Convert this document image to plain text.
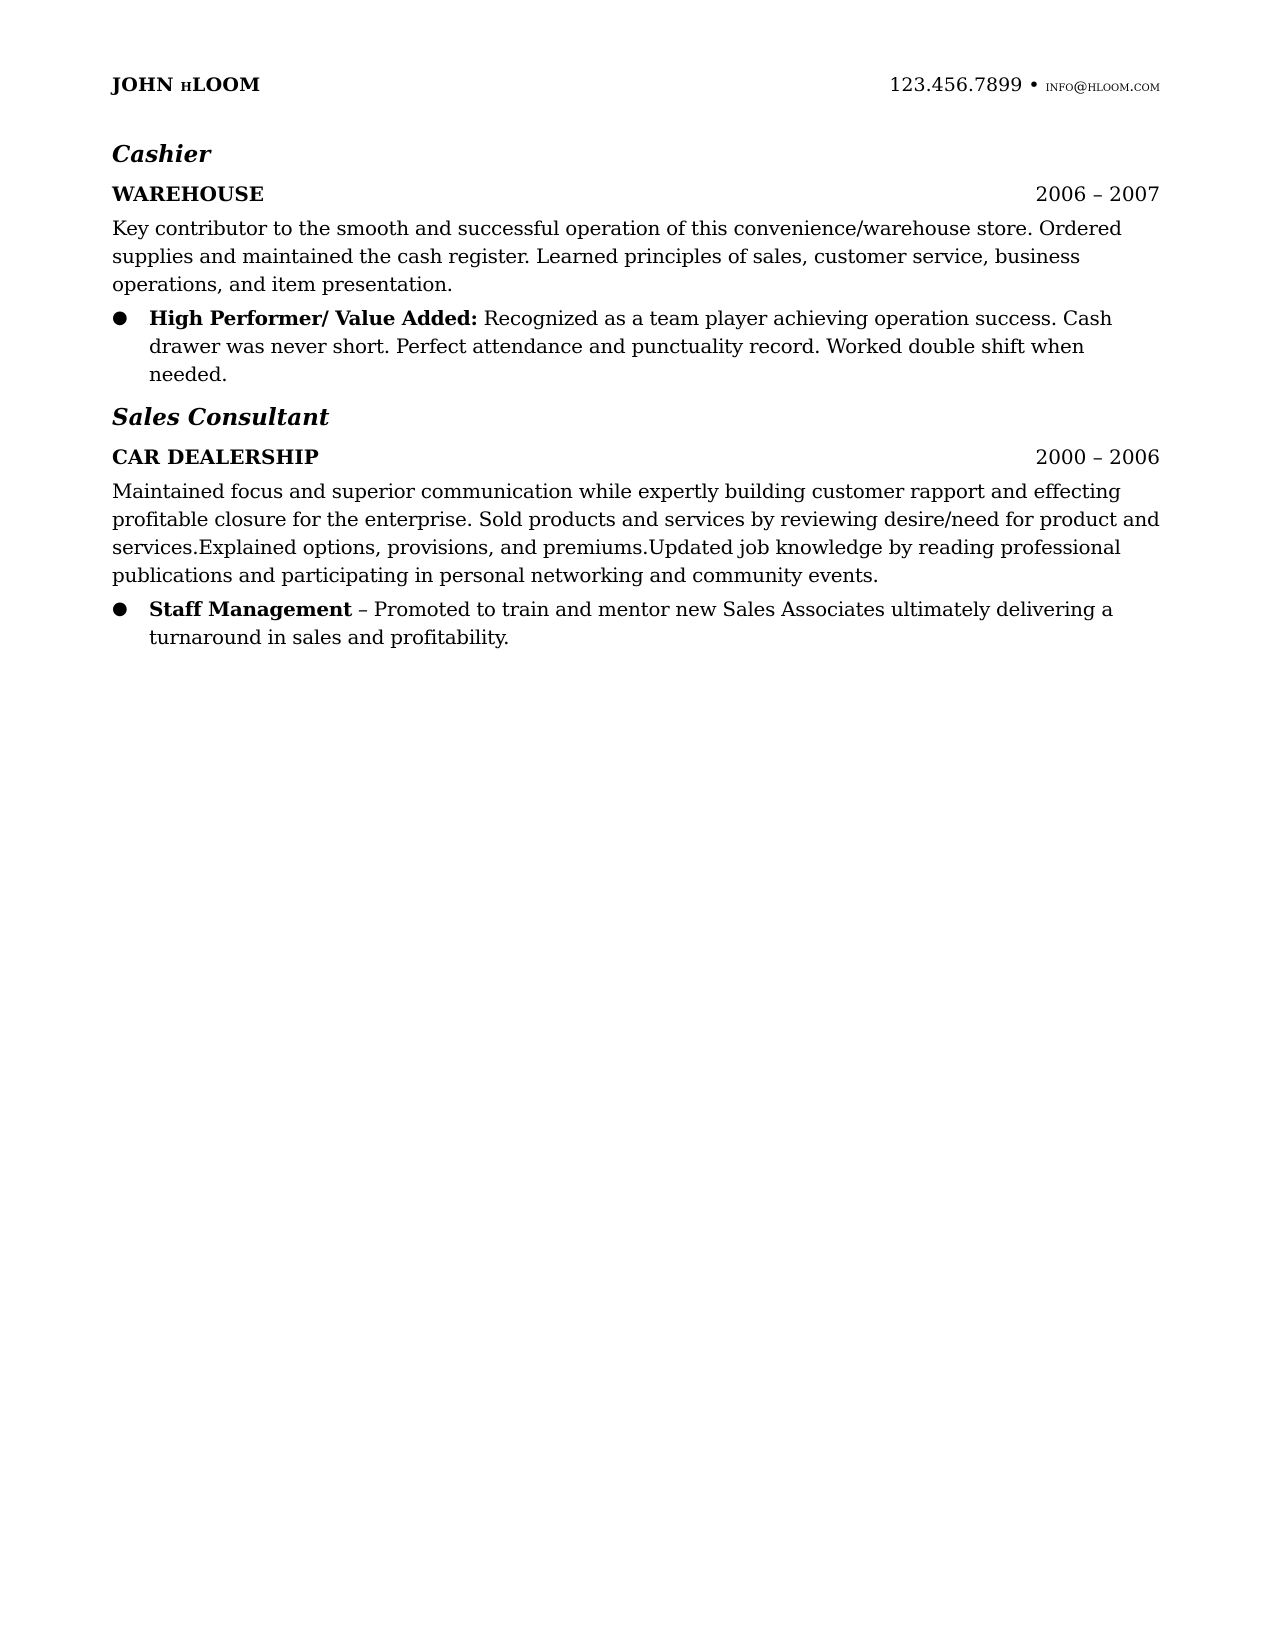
JOHN HLOOM	123.456.7899 • info@hloom.com
Cashier
WAREHOUSE	2006 – 2007

Key contributor to the smooth and successful operation of this convenience/warehouse store. Ordered supplies and maintained the cash register. Learned principles of sales, customer service, business operations, and item presentation.

●	High Performer/ Value Added: Recognized as a team player achieving operation success. Cash drawer was never short. Perfect attendance and punctuality record. Worked double shift when needed.
Sales Consultant
CAR DEALERSHIP	2000 – 2006

Maintained focus and superior communication while expertly building customer rapport and effecting profitable closure for the enterprise. Sold products and services by reviewing desire/need for product and services.Explained options, provisions, and premiums.Updated job knowledge by reading professional publications and participating in personal networking and community events.

●	Staff Management – Promoted to train and mentor new Sales Associates ultimately delivering a turnaround in sales and profitability.
